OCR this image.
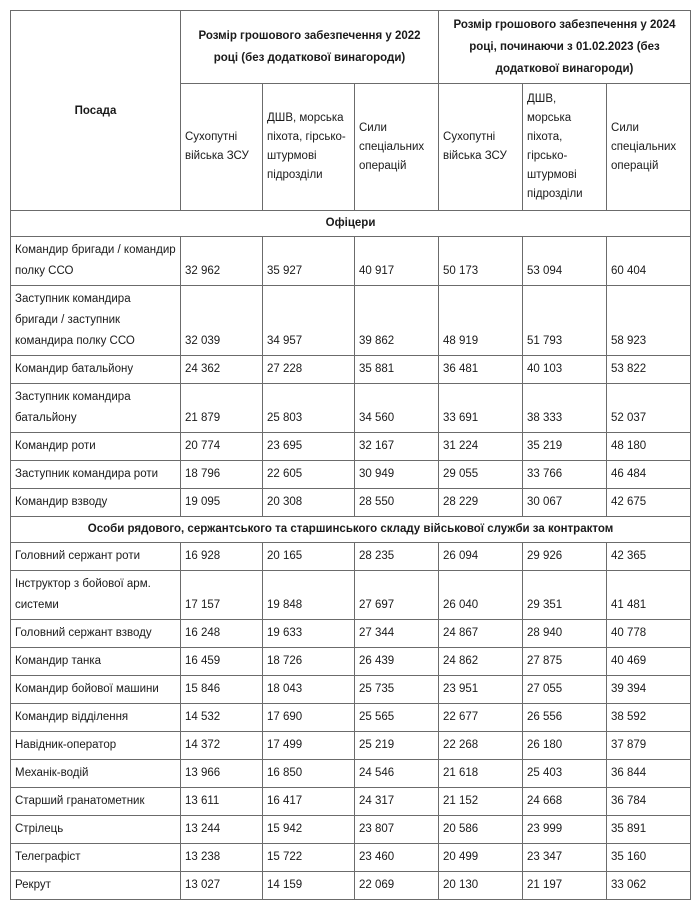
Посада	Розмір грошового забезпечення у 2022 році (без додаткової винагороди)			Розмір грошового забезпечення у 2024 році, починаючи з 01.02.2023 (без додаткової винагороди)		
	Сухопутні війська ЗСУ	ДШВ, морська піхота, гірсько-штурмові підрозділи	Сили спеціальних операцій	Сухопутні війська ЗСУ	ДШВ, морська піхота, гірсько-штурмові підрозділи	Сили спеціальних операцій
Офіцери						
Командир бригади / командир полку ССО	32 962	35 927	40 917	50 173	53 094	60 404
Заступник командира бригади / заступник командира полку ССО	32 039	34 957	39 862	48 919	51 793	58 923
Командир батальйону	24 362	27 228	35 881	36 481	40 103	53 822
Заступник командира батальйону	21 879	25 803	34 560	33 691	38 333	52 037
Командир роти	20 774	23 695	32 167	31 224	35 219	48 180
Заступник командира роти	18 796	22 605	30 949	29 055	33 766	46 484
Командир взводу	19 095	20 308	28 550	28 229	30 067	42 675
Особи рядового, сержантського та старшинського складу військової служби за контрактом						
Головний сержант роти	16 928	20 165	28 235	26 094	29 926	42 365
Інструктор з бойової арм. системи	17 157	19 848	27 697	26 040	29 351	41 481
Головний сержант взводу	16 248	19 633	27 344	24 867	28 940	40 778
Командир танка	16 459	18 726	26 439	24 862	27 875	40 469
Командир бойової машини	15 846	18 043	25 735	23 951	27 055	39 394
Командир відділення	14 532	17 690	25 565	22 677	26 556	38 592
Навідник-оператор	14 372	17 499	25 219	22 268	26 180	37 879
Механік-водій	13 966	16 850	24 546	21 618	25 403	36 844
Старший гранатометник	13 611	16 417	24 317	21 152	24 668	36 784
Стрілець	13 244	15 942	23 807	20 586	23 999	35 891
Телеграфіст	13 238	15 722	23 460	20 499	23 347	35 160
Рекрут	13 027	14 159	22 069	20 130	21 197	33 062
